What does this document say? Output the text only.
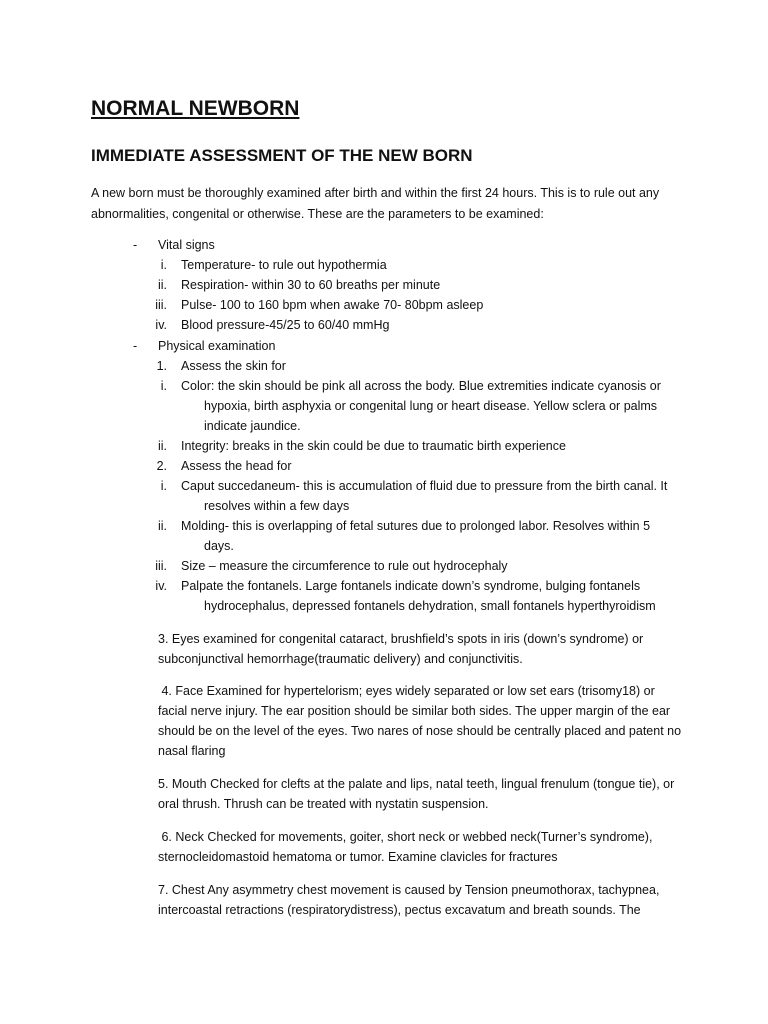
NORMAL NEWBORN
IMMEDIATE ASSESSMENT OF THE NEW BORN

A new born must be thoroughly examined after birth and within the first 24 hours. This is to rule out any abnormalities, congenital or otherwise. These are the parameters to be examined:

- Vital signs
i. Temperature- to rule out hypothermia
ii. Respiration- within 30 to 60 breaths per minute
iii. Pulse- 100 to 160 bpm when awake 70- 80bpm asleep
iv. Blood pressure-45/25 to 60/40 mmHg
- Physical examination
1. Assess the skin for
i. Color: the skin should be pink all across the body. Blue extremities indicate cyanosis or
hypoxia, birth asphyxia or congenital lung or heart disease. Yellow sclera or palms
indicate jaundice.
ii. Integrity: breaks in the skin could be due to traumatic birth experience
2. Assess the head for
i. Caput succedaneum- this is accumulation of fluid due to pressure from the birth canal. It
resolves within a few days
ii. Molding- this is overlapping of fetal sutures due to prolonged labor. Resolves within 5
days.
iii. Size – measure the circumference to rule out hydrocephaly
iv. Palpate the fontanels. Large fontanels indicate down’s syndrome, bulging fontanels
hydrocephalus, depressed fontanels dehydration, small fontanels hyperthyroidism

3. Eyes examined for congenital cataract, brushfield’s spots in iris (down’s syndrome) or subconjunctival hemorrhage(traumatic delivery) and conjunctivitis.

4. Face Examined for hypertelorism; eyes widely separated or low set ears (trisomy18) or facial nerve injury. The ear position should be similar both sides. The upper margin of the ear should be on the level of the eyes. Two nares of nose should be centrally placed and patent no nasal flaring

5. Mouth Checked for clefts at the palate and lips, natal teeth, lingual frenulum (tongue tie), or oral thrush. Thrush can be treated with nystatin suspension.

6. Neck Checked for movements, goiter, short neck or webbed neck(Turner’s syndrome), sternocleidomastoid hematoma or tumor. Examine clavicles for fractures

7. Chest Any asymmetry chest movement is caused by Tension pneumothorax, tachypnea, intercoastal retractions (respiratorydistress), pectus excavatum and breath sounds. The
